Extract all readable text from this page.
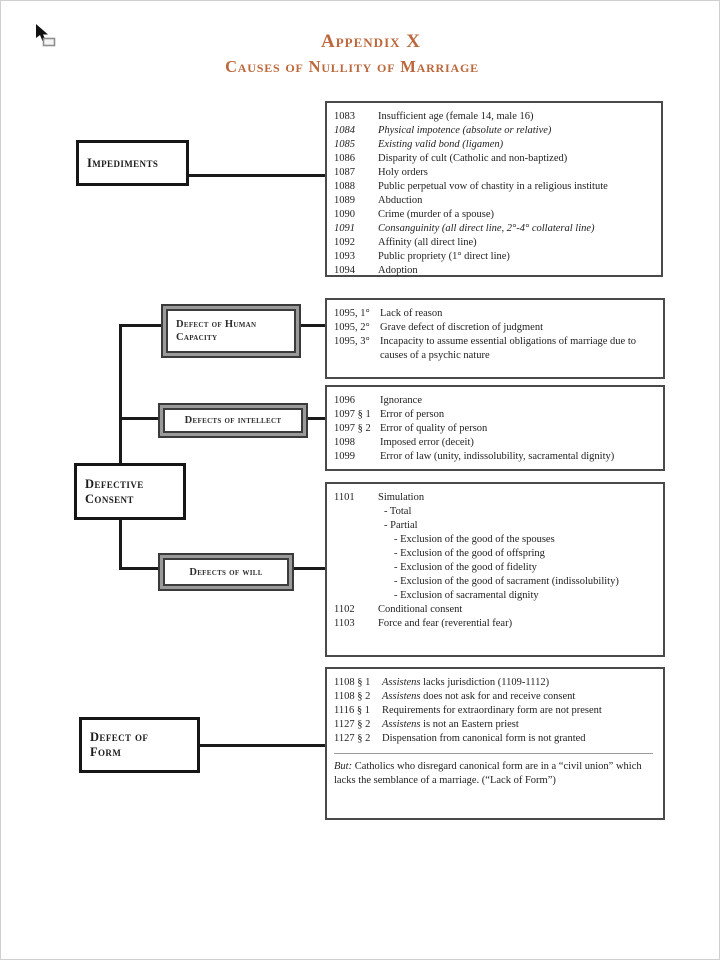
Appendix X
Causes of Nullity of Marriage
Impediments
Defective
Consent
Defect of
Form
Defect of Human
Capacity
Defects of intellect
Defects of will
1083	Insufficient age (female 14, male 16)
1084	Physical impotence (absolute or relative)
1085	Existing valid bond (ligamen)
1086	Disparity of cult (Catholic and non-baptized)
1087	Holy orders
1088	Public perpetual vow of chastity in a religious institute
1089	Abduction
1090	Crime (murder of a spouse)
1091	Consanguinity (all direct line, 2°-4° collateral line)
1092	Affinity (all direct line)
1093	Public propriety (1° direct line)
1094	Adoption
1095, 1° Lack of reason
1095, 2° Grave defect of discretion of judgment
1095, 3° Incapacity to assume essential obligations of marriage due to causes of a psychic nature
1096	Ignorance
1097 § 1 Error of person
1097 § 2 Error of quality of person
1098	Imposed error (deceit)
1099	Error of law (unity, indissolubility, sacramental dignity)
1101	Simulation
- Total
- Partial
- Exclusion of the good of the spouses
- Exclusion of the good of offspring
- Exclusion of the good of fidelity
- Exclusion of the good of sacrament (indissolubility)
- Exclusion of sacramental dignity
1102	Conditional consent
1103	Force and fear (reverential fear)
1108 § 1	Assistens lacks jurisdiction (1109-1112)
1108 § 2	Assistens does not ask for and receive consent
1116 § 1	Requirements for extraordinary form are not present
1127 § 2	Assistens is not an Eastern priest
1127 § 2	Dispensation from canonical form is not granted
But: Catholics who disregard canonical form are in a “civil union” which lacks the semblance of a marriage. (“Lack of Form”)
